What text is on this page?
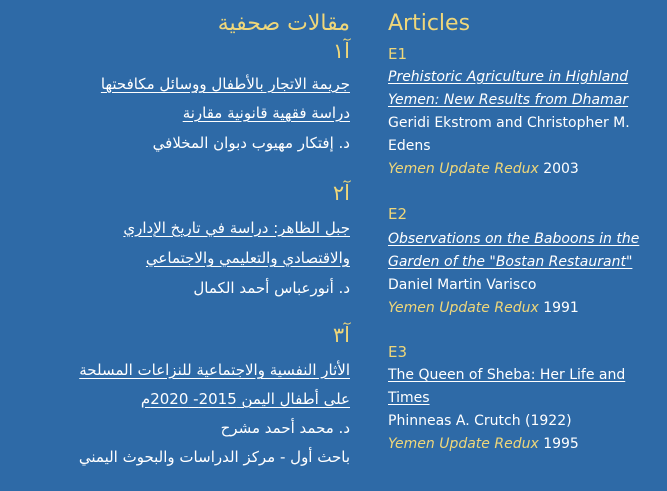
مقالات صحفية
آ١
جريمة الاتجار بالأطفال ووسائل مكافحتها
دراسة فقهية قانونية مقارنة
د. إفتكار مهيوب دبوان المخلافي
آ٢
جبل الظاهر: دراسة في تاريخ الإداري
والاقتصادي والتعليمي والاجتماعي
د. أنورعباس أحمد الكمال
آ٣
الأثار النفسية والاجتماعية للنزاعات المسلحة
على أطفال اليمن 2015- 2020م
د. محمد أحمد مشرح
باحث أول - مركز الدراسات والبحوث اليمني
Articles
E1
Prehistoric Agriculture in Highland
Yemen: New Results from Dhamar
Geridi Ekstrom and Christopher M.
Edens
Yemen Update Redux 2003
E2
Observations on the Baboons in the
Garden of the "Bostan Restaurant"
Daniel Martin Varisco
Yemen Update Redux 1991
E3
The Queen of Sheba: Her Life and
Times
Phinneas A. Crutch (1922)
Yemen Update Redux 1995
